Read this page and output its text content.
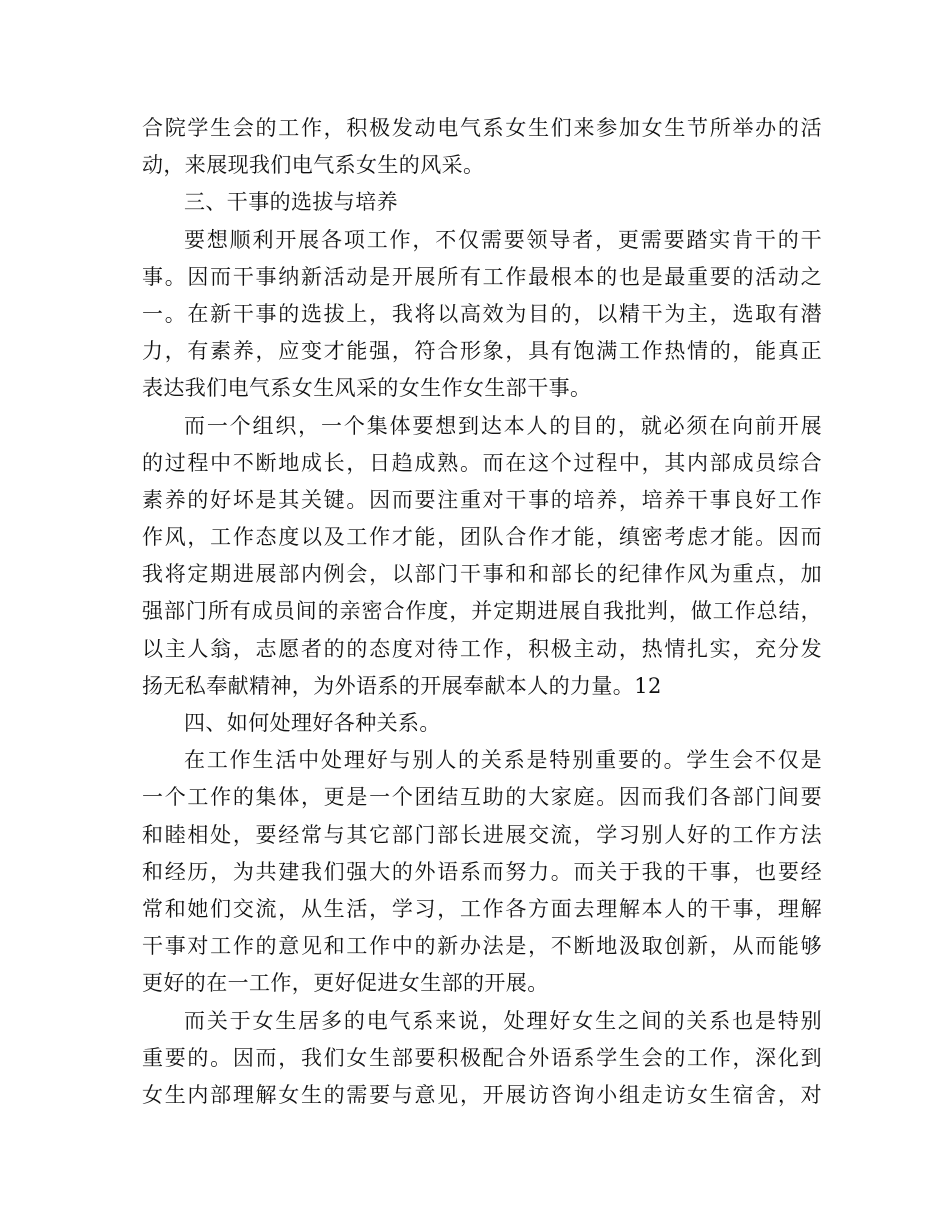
合院学生会的工作，积极发动电气系女生们来参加女生节所举办的活
动，来展现我们电气系女生的风采。
三、干事的选拔与培养
要想顺利开展各项工作，不仅需要领导者，更需要踏实肯干的干
事。因而干事纳新活动是开展所有工作最根本的也是最重要的活动之
一。在新干事的选拔上，我将以高效为目的，以精干为主，选取有潜
力，有素养，应变才能强，符合形象，具有饱满工作热情的，能真正
表达我们电气系女生风采的女生作女生部干事。
而一个组织，一个集体要想到达本人的目的，就必须在向前开展
的过程中不断地成长，日趋成熟。而在这个过程中，其内部成员综合
素养的好坏是其关键。因而要注重对干事的培养，培养干事良好工作
作风，工作态度以及工作才能，团队合作才能，缜密考虑才能。因而
我将定期进展部内例会，以部门干事和和部长的纪律作风为重点，加
强部门所有成员间的亲密合作度，并定期进展自我批判，做工作总结，
以主人翁，志愿者的的态度对待工作，积极主动，热情扎实，充分发
扬无私奉献精神，为外语系的开展奉献本人的力量。12
四、如何处理好各种关系。
在工作生活中处理好与别人的关系是特别重要的。学生会不仅是
一个工作的集体，更是一个团结互助的大家庭。因而我们各部门间要
和睦相处，要经常与其它部门部长进展交流，学习别人好的工作方法
和经历，为共建我们强大的外语系而努力。而关于我的干事，也要经
常和她们交流，从生活，学习，工作各方面去理解本人的干事，理解
干事对工作的意见和工作中的新办法是，不断地汲取创新，从而能够
更好的在一工作，更好促进女生部的开展。
而关于女生居多的电气系来说，处理好女生之间的关系也是特别
重要的。因而，我们女生部要积极配合外语系学生会的工作，深化到
女生内部理解女生的需要与意见，开展访咨询小组走访女生宿舍，对
